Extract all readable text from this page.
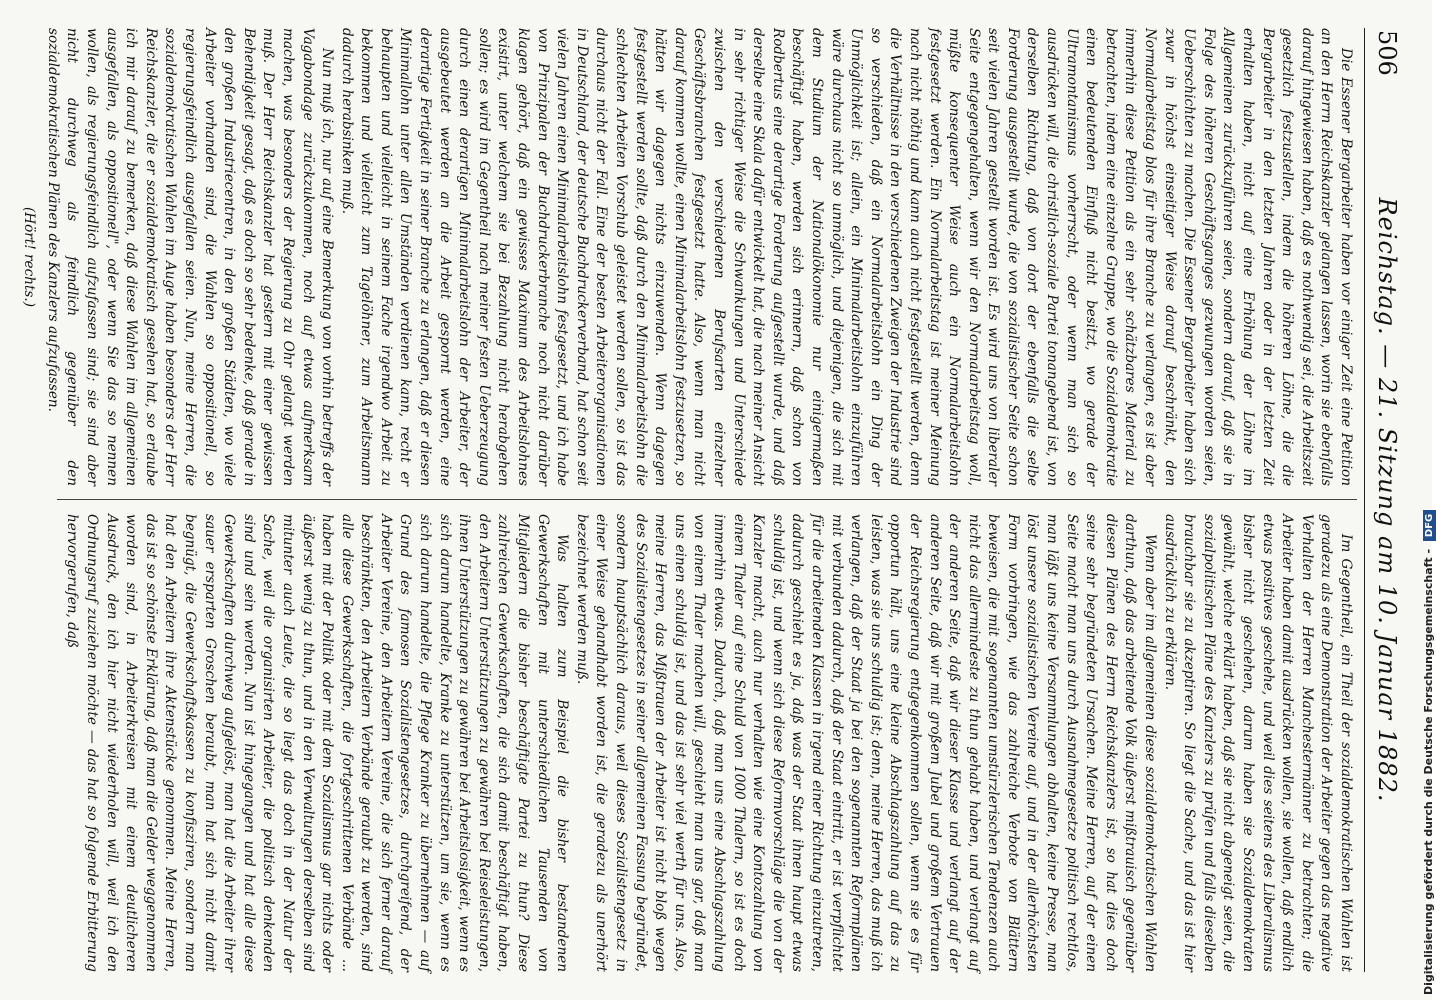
506
Reichstag. — 21. Sitzung am 10. Januar 1882.

Die Essener Bergarbeiter haben vor einiger Zeit eine Petition an den Herrn Reichskanzler gelangen lassen, worin sie ebenfalls darauf hingewiesen haben, daß es nothwendig sei, die Arbeitszeit gesetzlich festzustellen, indem die höheren Löhne, die die Bergarbeiter in den letzten Jahren oder in der letzten Zeit erhalten haben, nicht auf eine Erhöhung der Löhne im Allgemeinen zurückzuführen seien, sondern darauf, daß sie in Folge des höheren Geschäftsganges gezwungen worden seien, Ueberschichten zu machen. Die Essener Bergarbeiter haben sich zwar in höchst einseitiger Weise darauf beschränkt, den Normalarbeitstag blos für ihre Branche zu verlangen, es ist aber immerhin diese Petition als ein sehr schätzbares Material zu betrachten, indem eine einzelne Gruppe, wo die Sozialdemokratie einen bedeutenden Einfluß nicht besitzt, wo gerade der Ultramontanismus vorherrscht, oder wenn man sich so ausdrücken will, die christlich-soziale Partei tonangebend ist, von derselben Richtung, daß von dort der ebenfalls die selbe Forderung ausgestellt wurde, die von sozialistischer Seite schon seit vielen Jahren gestellt worden ist. Es wird uns von liberaler Seite entgegengehalten, wenn wir den Normalarbeitstag woll, müßte konsequenter Weise auch ein Normalarbeitslohn festgesetzt werden. Ein Normalarbeitstag ist meiner Meinung nach nicht nöthig und kann auch nicht festgestellt werden, denn die Verhältnisse in den verschiedenen Zweigen der Industrie sind so verschieden, daß ein Normalarbeitslohn ein Ding der Unmöglichkeit ist; allein, ein Minimalarbeitslohn einzuführen wäre durchaus nicht so unmöglich, und diejenigen, die sich mit dem Studium der Nationalökonomie nur einigermaßen beschäftigt haben, werden sich erinnern, daß schon von Rodbertus eine derartige Forderung aufgestellt wurde, und daß derselbe eine Skala dafür entwickelt hat, die nach meiner Ansicht in sehr richtiger Weise die Schwankungen und Unterschiede zwischen den verschiedenen Berufsarten einzelner Geschäftsbranchen festgesetzt hatte. Also, wenn man nicht darauf kommen wollte, einen Minimalarbeitslohn festzusetzen, so hätten wir dagegen nichts einzuwenden. Wenn dagegen festgestellt werden sollte, daß durch den Minimalarbeitslohn die schlechten Arbeiten Vorschub geleistet werden sollen, so ist das durchaus nicht der Fall. Eine der besten Arbeiterorganisationen in Deutschland, der deutsche Buchdruckerverband, hat schon seit vielen Jahren einen Minimalarbeitslohn festgesetzt, und ich habe von Prinzipalen der Buchdruckerbranche noch nicht darüber klagen gehört, daß ein gewisses Maximum des Arbeitslohnes existirt, unter welchem sie bei Bezahlung nicht herabgehen sollen; es wird im Gegentheil nach meiner festen Ueberzeugung durch einen derartigen Minimalarbeitslohn der Arbeiter, der ausgebeutet werden an die Arbeit gespornt werden, eine derartige Fertigkeit in seiner Branche zu erlangen, daß er diesen Minimallohn unter allen Umständen verdienen kann, recht er behaupten und vielleicht in seinem Fache irgendwo Arbeit zu bekommen und vielleicht zum Tagelöhner, zum Arbeitsmann dadurch herabsinken muß.

Nun muß ich, nur auf eine Bemerkung von vorhin betreffs der Vagabondage zurückzukommen, noch auf etwas aufmerksam machen, was besonders der Regierung zu Ohr gelangt werden muß. Der Herr Reichskanzler hat gestern mit einer gewissen Behendigkeit gesagt, daß es doch so sehr bedenke, daß gerade in den großen Industriecentren, in den großen Städten, wo viele Arbeiter vorhanden sind, die Wahlen so oppositionell, so regierungsfeindlich ausgefallen seien. Nun, meine Herren, die sozialdemokratischen Wahlen im Auge haben besonders der Herr Reichskanzler, die er sozialdemokratisch gesehen hat, so erlaube ich mir darauf zu bemerken, daß diese Wahlen im allgemeinen ausgefallen, als oppositionell", oder wenn Sie das so nennen wollen, als regierungsfeindlich aufzufassen sind; sie sind aber nicht durchweg als feindlich gegenüber den sozialdemokratischen Plänen des Kanzlers aufzufassen.

(Hört! rechts.)

Im Gegentheil, ein Theil der sozialdemokratischen Wahlen ist geradezu als eine Demonstration der Arbeiter gegen das negative Verhalten der Herren Manchestermänner zu betrachten; die Arbeiter haben damit ausdrücken wollen, sie wollen, daß endlich etwas positives geschehe, und weil dies seitens des Liberalismus bisher nicht geschehen, darum haben sie Sozialdemokraten gewählt, welche erklärt haben, daß sie nicht abgeneigt seien, die sozialpolitischen Pläne des Kanzlers zu prüfen und falls dieselben brauchbar sie zu akzeptiren. So liegt die Sache, und das ist hier ausdrücklich zu erklären.

Wenn aber im allgemeinen diese sozialdemokratischen Wahlen darthun, daß das arbeitende Volk äußerst mißtrauisch gegenüber diesen Plänen des Herrn Reichskanzlers ist, so hat dies doch seine sehr begründeten Ursachen. Meine Herren, auf der einen Seite macht man uns durch Ausnahmegesetze politisch rechtlos, man läßt uns keine Versammlungen abhalten, keine Presse, man löst unsere sozialistischen Vereine auf, und in der allerhöchsten Form vorbringen, wie das zahlreiche Verbote von Blättern beweisen, die mit sogenannten umstürzlerischen Tendenzen auch nicht das allermindeste zu thun gehabt haben, und verlangt auf der anderen Seite, daß wir dieser Klasse und verlangt auf der anderen Seite, daß wir mit großem Jubel und großem Vertrauen der Reichsregierung entgegenkommen sollen, wenn sie es für opportun hält, uns eine kleine Abschlagszahlung auf das zu leisten, was sie uns schuldig ist; denn, meine Herren, das muß ich verlangen, daß der Staat ja bei den sogenannten Reformplänen mit verbunden dadurch, daß der Staat eintritt, er ist verpflichtet für die arbeitenden Klassen in irgend einer Richtung einzutreten, dadurch geschieht es ja, daß was der Staat ihnen haupt etwas schuldig ist, und wenn sich diese Reformvorschläge die von der Kanzler macht, auch nur verhalten wie eine Kontozahlung von einem Thaler auf eine Schuld von 1000 Thalern, so ist es doch immerhin etwas. Dadurch, daß man uns eine Abschlagszahlung von einem Thaler machen will, geschieht man uns gar, daß man uns einen schuldig ist, und das ist sehr viel werth für uns. Also, meine Herren, das Mißtrauen der Arbeiter ist nicht bloß wegen des Sozialistengesetzes in seiner allgemeinen Fassung begründet, sondern hauptsächlich daraus, weil dieses Sozialistengesetz in einer Weise gehandhabt worden ist, die geradezu als unerhört bezeichnet werden muß.

Was halten zum Beispiel die bisher bestandenen Gewerkschaften mit unterschiedlichen Tausenden von Mitgliedern die bisher beschäftigte Partei zu thun? Diese zahlreichen Gewerkschaften, die sich damit beschäftigt haben, den Arbeitern Unterstützungen zu gewähren bei Reiseleistungen, ihnen Unterstützungen zu gewähren bei Arbeitslosigkeit, wenn es sich darum handelte, Kranke zu unterstützen, um sie, wenn es sich darum handelte, die Pflege Kranker zu übernehmen — auf Grund des famosen Sozialistengesetzes, durchgreifend, der Arbeiter Vereine, den Arbeitern Vereine, die sich ferner darauf beschränkten, den Arbeitern Verbände geraubt zu werden, sind alle diese Gewerkschaften, die fortgeschrittenen Verbände ... haben mit der Politik oder mit dem Sozialismus gar nichts oder äußerst wenig zu thun, und in den Verwaltungen derselben sind mitunter auch Leute, die so liegt das doch in der Natur der Sache, weil die organisirten Arbeiter, die politisch denkenden sind und sein werden. Nun ist hingegangen und hat alle diese Gewerkschaften durchweg aufgelöst, man hat die Arbeiter ihrer sauer ersparten Groschen beraubt, man hat sich nicht damit begnügt, die Gewerkschaftskassen zu konfisziren, sondern man hat den Arbeitern ihre Aktenstücke genommen. Meine Herren, das ist so schönste Erklärung, daß man die Gelder weggenommen worden sind, in Arbeiterkreisen mit einem deutlicheren Ausdruck, den ich hier nicht wiederholen will, weil ich den Ordnungsruf zuziehen möchte — das hat so folgende Erbitterung hervorgerufen, daß	Digitalisierung gefördert durch die Deutsche Forschungsgemeinschaft - DFG
